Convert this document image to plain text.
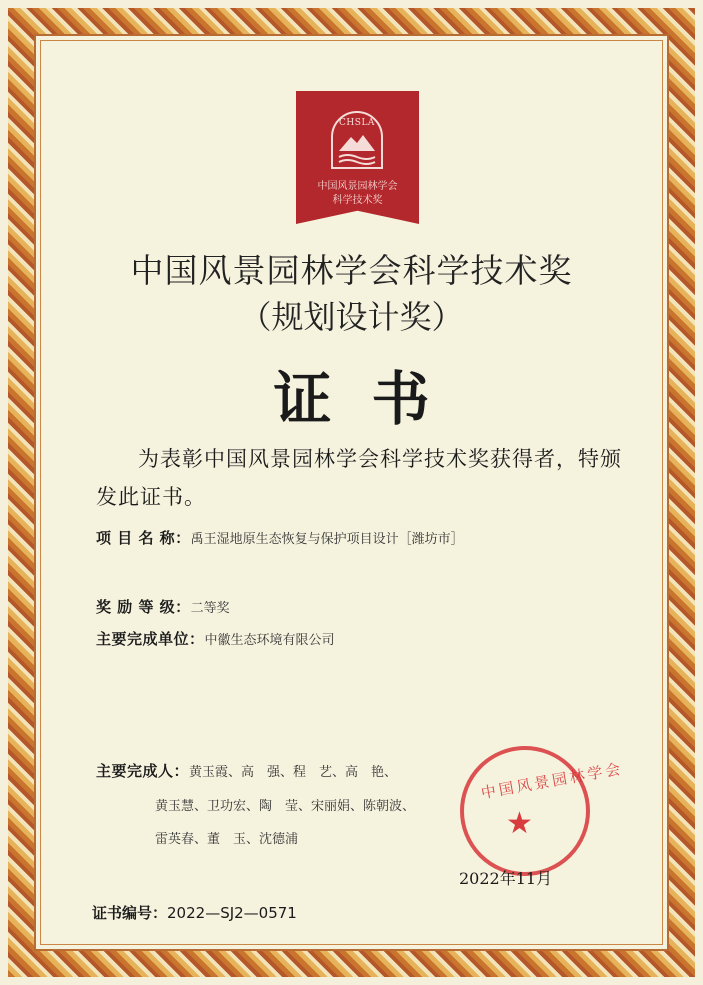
CHSLA
中国风景园林学会
科学技术奖
中国风景园林学会科学技术奖
（规划设计奖）
证书
为表彰中国风景园林学会科学技术奖获得者，特颁发此证书。
项 目 名 称：禹王湿地原生态恢复与保护项目设计［潍坊市］
奖 励 等 级：二等奖
主要完成单位：中徽生态环境有限公司
主要完成人：黄玉霞、高　强、程　艺、高　艳、
黄玉慧、卫功宏、陶　莹、宋丽娟、陈朝波、
雷英春、董　玉、沈德浦
中国风景园林学会
★
2022年11月
证书编号：2022—SJ2—0571
